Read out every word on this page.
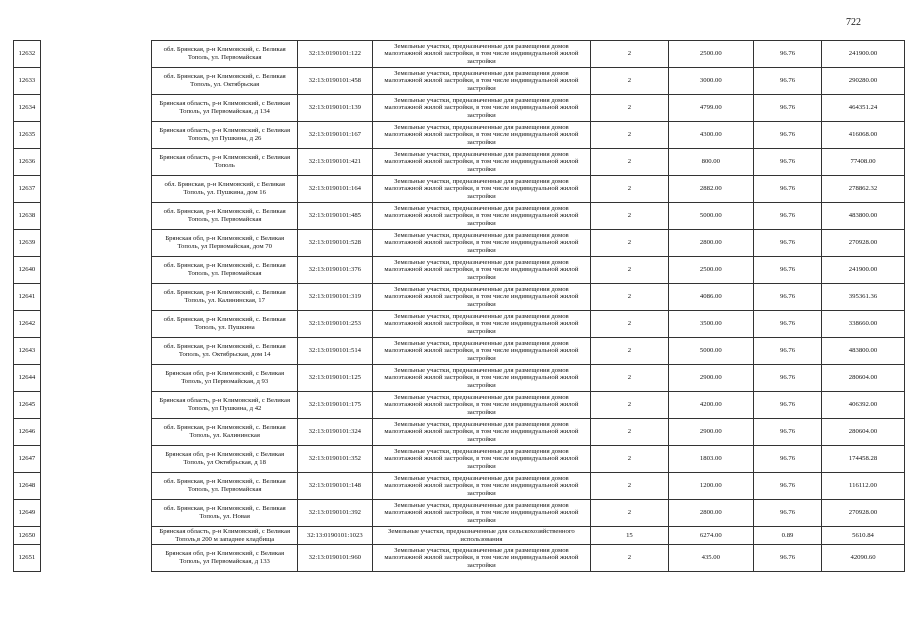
722
12632		обл. Брянская, р-н Климовский, с. Великая Тополь, ул. Первомайская	32:13:0190101:122	Земельные участки, предназначенные для размещения домов малоэтажной жилой застройки, в том числе индивидуальной жилой застройки	2	2500.00	96.76	241900.00
12633		обл. Брянская, р-н Климовский, с. Великая Тополь, ул. Октябрьская	32:13:0190101:458	Земельные участки, предназначенные для размещения домов малоэтажной жилой застройки, в том числе индивидуальной жилой застройки	2	3000.00	96.76	290280.00
12634		Брянская область, р-н Климовский, с Великая Тополь, ул Первомайская, д 134	32:13:0190101:139	Земельные участки, предназначенные для размещения домов малоэтажной жилой застройки, в том числе индивидуальной жилой застройки	2	4799.00	96.76	464351.24
12635		Брянская область, р-н Климовский, с Великая Тополь, ул Пушкина, д 26	32:13:0190101:167	Земельные участки, предназначенные для размещения домов малоэтажной жилой застройки, в том числе индивидуальной жилой застройки	2	4300.00	96.76	416068.00
12636		Брянская область, р-н Климовский, с Великая Тополь	32:13:0190101:421	Земельные участки, предназначенные для размещения домов малоэтажной жилой застройки, в том числе индивидуальной жилой застройки	2	800.00	96.76	77408.00
12637		обл. Брянская, р-н Климовский, с Великая Тополь, ул. Пушкина, дом 16	32:13:0190101:164	Земельные участки, предназначенные для размещения домов малоэтажной жилой застройки, в том числе индивидуальной жилой застройки	2	2882.00	96.76	278862.32
12638		обл. Брянская, р-н Климовский, с. Великая Тополь, ул. Первомайская	32:13:0190101:485	Земельные участки, предназначенные для размещения домов малоэтажной жилой застройки, в том числе индивидуальной жилой застройки	2	5000.00	96.76	483800.00
12639		Брянская обл, р-н Климовский, с Великая Тополь, ул Первомайская, дом 70	32:13:0190101:528	Земельные участки, предназначенные для размещения домов малоэтажной жилой застройки, в том числе индивидуальной жилой застройки	2	2800.00	96.76	270928.00
12640		обл. Брянская, р-н Климовский, с. Великая Тополь, ул. Первомайская	32:13:0190101:376	Земельные участки, предназначенные для размещения домов малоэтажной жилой застройки, в том числе индивидуальной жилой застройки	2	2500.00	96.76	241900.00
12641		обл. Брянская, р-н Климовский, с. Великая Тополь, ул. Калининская, 17	32:13:0190101:319	Земельные участки, предназначенные для размещения домов малоэтажной жилой застройки, в том числе индивидуальной жилой застройки	2	4086.00	96.76	395361.36
12642		обл. Брянская, р-н Климовский, с. Великая Тополь, ул. Пушкина	32:13:0190101:253	Земельные участки, предназначенные для размещения домов малоэтажной жилой застройки, в том числе индивидуальной жилой застройки	2	3500.00	96.76	338660.00
12643		обл. Брянская, р-н Климовский, с. Великая Тополь, ул. Октябрьская, дом 14	32:13:0190101:514	Земельные участки, предназначенные для размещения домов малоэтажной жилой застройки, в том числе индивидуальной жилой застройки	2	5000.00	96.76	483800.00
12644		Брянская обл, р-н Климовский, с Великая Тополь, ул Первомайская, д 93	32:13:0190101:125	Земельные участки, предназначенные для размещения домов малоэтажной жилой застройки, в том числе индивидуальной жилой застройки	2	2900.00	96.76	280604.00
12645		Брянская область, р-н Климовский, с Великая Тополь, ул Пушкина, д 42	32:13:0190101:175	Земельные участки, предназначенные для размещения домов малоэтажной жилой застройки, в том числе индивидуальной жилой застройки	2	4200.00	96.76	406392.00
12646		обл. Брянская, р-н Климовский, с. Великая Тополь, ул. Калининская	32:13:0190101:324	Земельные участки, предназначенные для размещения домов малоэтажной жилой застройки, в том числе индивидуальной жилой застройки	2	2900.00	96.76	280604.00
12647		Брянская обл, р-н Климовский, с Великая Тополь, ул Октябрьская, д 18	32:13:0190101:352	Земельные участки, предназначенные для размещения домов малоэтажной жилой застройки, в том числе индивидуальной жилой застройки	2	1803.00	96.76	174458.28
12648		обл. Брянская, р-н Климовский, с. Великая Тополь, ул. Первомайская	32:13:0190101:148	Земельные участки, предназначенные для размещения домов малоэтажной жилой застройки, в том числе индивидуальной жилой застройки	2	1200.00	96.76	116112.00
12649		обл. Брянская, р-н Климовский, с. Великая Тополь, ул. Новая	32:13:0190101:392	Земельные участки, предназначенные для размещения домов малоэтажной жилой застройки, в том числе индивидуальной жилой застройки	2	2800.00	96.76	270928.00
12650		Брянская область, р-н Климовский, с Великая Тополь,в 200 м западнее кладбища	32:13:0190101:1023	Земельные участки, предназначенные для сельскохозяйственного использования	15	6274.00	0.89	5610.84
12651		Брянская обл, р-н Климовский, с Великая Тополь, ул Первомайская, д 133	32:13:0190101:960	Земельные участки, предназначенные для размещения домов малоэтажной жилой застройки, в том числе индивидуальной жилой застройки	2	435.00	96.76	42090.60
